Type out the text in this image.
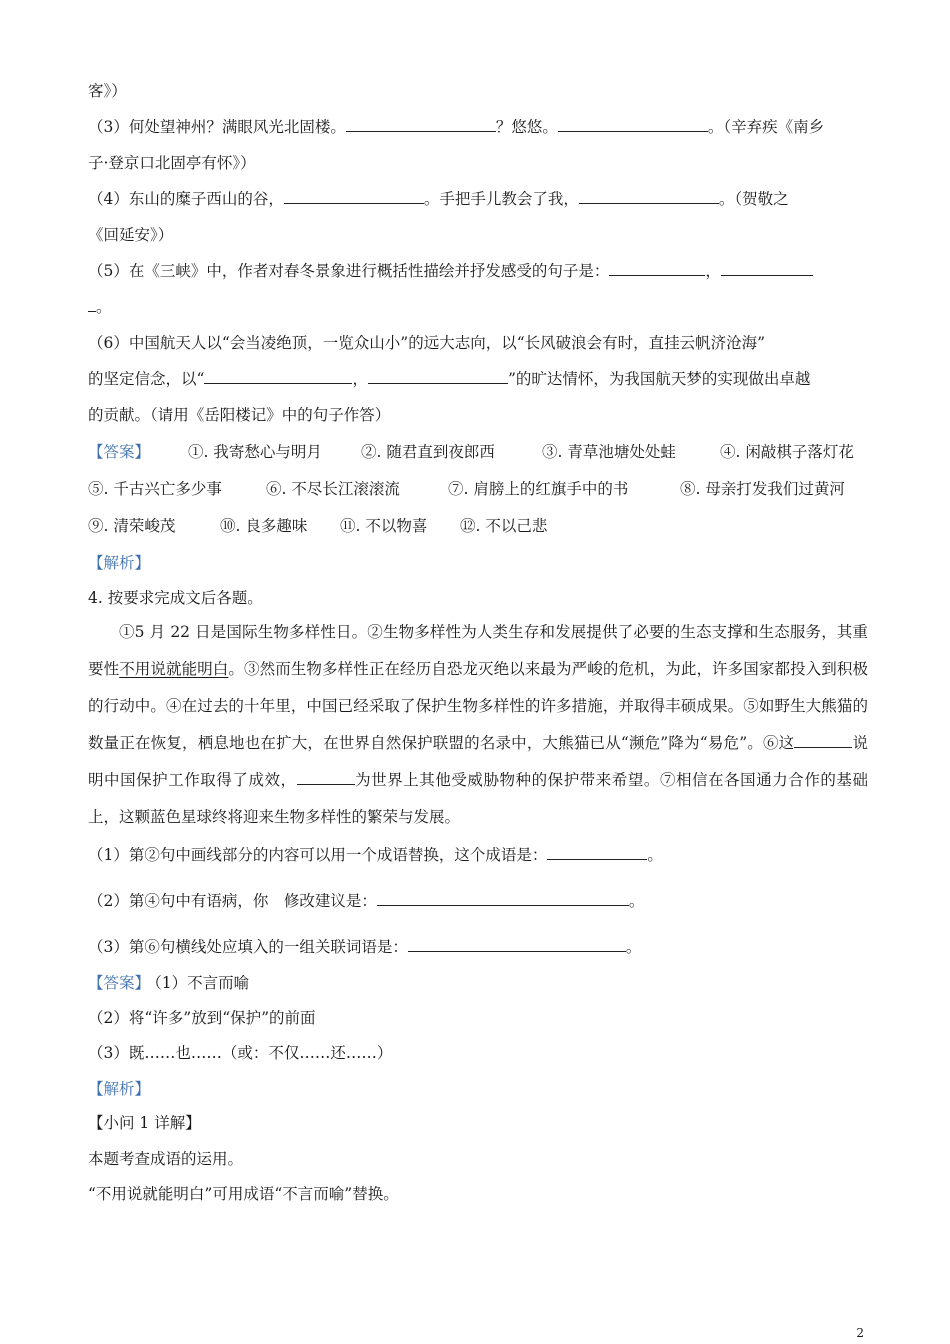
客》）
（3）何处望神州？满眼风光北固楼。	？悠悠。	。（辛弃疾《南乡
子·登京口北固亭有怀》）
（4）东山的糜子西山的谷，	。手把手儿教会了我，	。（贺敬之
《回延安》）
（5）在《三峡》中，作者对春冬景象进行概括性描绘并抒发感受的句子是：	，
。
（6）中国航天人以“会当凌绝顶，一览众山小”的远大志向，以“长风破浪会有时，直挂云帆济沧海”
的坚定信念，以“	，	”的旷达情怀，为我国航天梦的实现做出卓越
的贡献。（请用《岳阳楼记》中的句子作答）
【答案】 ①. 我寄愁心与明月	②. 随君直到夜郎西	③. 青草池塘处处蛙	④. 闲敲棋子落灯花
⑤. 千古兴亡多少事	⑥. 不尽长江滚滚流	⑦. 肩膀上的红旗手中的书	⑧. 母亲打发我们过黄河
⑨. 清荣峻茂	⑩. 良多趣味 ⑪. 不以物喜 ⑫. 不以己悲
【解析】
4. 按要求完成文后各题。
①5 月 22 日是国际生物多样性日。②生物多样性为人类生存和发展提供了必要的生态支撑和生态服务，其重要性不用说就能明白。③然而生物多样性正在经历自恐龙灭绝以来最为严峻的危机，为此，许多国家都投入到积极的行动中。④在过去的十年里，中国已经采取了保护生物多样性的许多措施，并取得丰硕成果。⑤如野生大熊猫的数量正在恢复，栖息地也在扩大，在世界自然保护联盟的名录中，大熊猫已从“濒危”降为“易危”。⑥这	说明中国保护工作取得了成效，	为世界上其他受威胁物种的保护带来希望。⑦相信在各国通力合作的基础上，这颗蓝色星球终将迎来生物多样性的繁荣与发展。
（1）第②句中画线部分的内容可以用一个成语替换，这个成语是：	。
（2）第④句中有语病，你　修改建议是：	。
（3）第⑥句横线处应填入的一组关联词语是：	。
【答案】 （1）不言而喻
（2）将“许多”放到“保护”的前面
（3）既……也……（或：不仅……还……）
【解析】
【小问 1 详解】
本题考查成语的运用。
“不用说就能明白”可用成语“不言而喻”替换。
2
